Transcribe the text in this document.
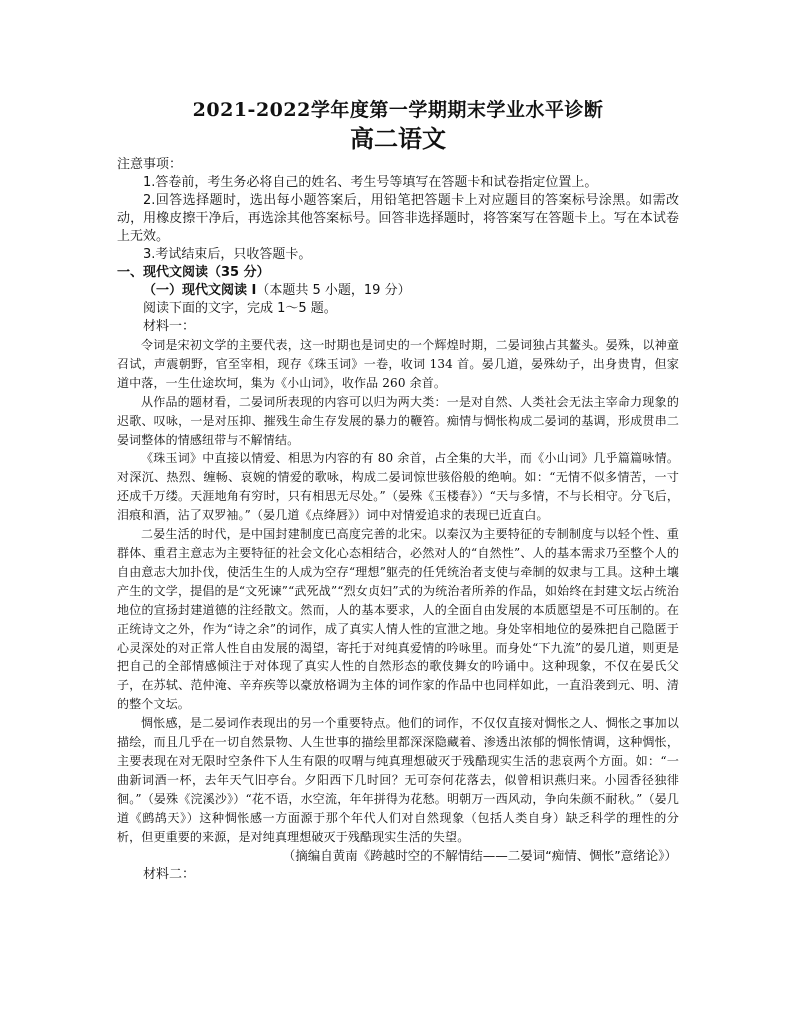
2021-2022学年度第一学期期末学业水平诊断
高二语文

注意事项：

1.答卷前，考生务必将自己的姓名、考生号等填写在答题卡和试卷指定位置上。

2.回答选择题时，选出每小题答案后，用铅笔把答题卡上对应题目的答案标号涂黑。如需改动，用橡皮擦干净后，再选涂其他答案标号。回答非选择题时，将答案写在答题卡上。写在本试卷上无效。

3.考试结束后，只收答题卡。

一、现代文阅读（35 分）

（一）现代文阅读 I（本题共 5 小题，19 分）

阅读下面的文字，完成 1～5 题。

材料一：

令词是宋初文学的主要代表，这一时期也是词史的一个辉煌时期，二晏词独占其鳌头。晏殊，以神童召试，声震朝野，官至宰相，现存《珠玉词》一卷，收词 134 首。晏几道，晏殊幼子，出身贵胄，但家道中落，一生仕途坎坷，集为《小山词》，收作品 260 余首。

从作品的题材看，二晏词所表现的内容可以归为两大类：一是对自然、人类社会无法主宰命力现象的迟歌、叹咏，一是对压抑、摧残生命生存发展的暴力的鞭笞。痴情与惆怅构成二晏词的基调，形成贯串二晏词整体的情感纽带与不解情结。

《珠玉词》中直接以情爱、相思为内容的有 80 余首，占全集的大半，而《小山词》几乎篇篇咏情。对深沉、热烈、缠畅、哀婉的情爱的歌咏，构成二晏词惊世骇俗般的绝响。如：“无情不似多情苦，一寸还成千万缕。天涯地角有穷时，只有相思无尽处。”（晏殊《玉楼春》）“天与多情，不与长相守。分飞后，泪痕和酒，沾了双罗袖。”（晏几道《点绛唇》）词中对情爱追求的表现已近直白。

二晏生活的时代，是中国封建制度已高度完善的北宋。以秦汉为主要特征的专制制度与以轻个性、重群体、重君主意志为主要特征的社会文化心态相结合，必然对人的“自然性”、人的基本需求乃至整个人的自由意志大加扑伐，使活生生的人成为空存“理想”躯壳的任凭统治者支使与牵制的奴隶与工具。这种土壤产生的文学，提倡的是“文死谏”“武死战”“烈女贞妇”式的为统治者所养的作品，如始终在封建文坛占统治地位的宣扬封建道德的注经散文。然而，人的基本要求，人的全面自由发展的本质愿望是不可压制的。在正统诗文之外，作为“诗之余”的词作，成了真实人情人性的宣泄之地。身处宰相地位的晏殊把自己隐匿于心灵深处的对正常人性自由发展的渴望，寄托于对纯真爱情的吟咏里。而身处“下九流”的晏几道，则更是把自己的全部情感倾注于对体现了真实人性的自然形态的歌伎舞女的吟诵中。这种现象，不仅在晏氏父子，在苏轼、范仲淹、辛弃疾等以豪放格调为主体的词作家的作品中也同样如此，一直沿袭到元、明、清的整个文坛。

惆怅感，是二晏词作表现出的另一个重要特点。他们的词作，不仅仅直接对惆怅之人、惆怅之事加以描绘，而且几乎在一切自然景物、人生世事的描绘里都深深隐藏着、渗透出浓郁的惆怅情调，这种惆怅，主要表现在对无限时空条件下人生有限的叹喟与纯真理想破灭于残酷现实生活的悲哀两个方面。如：“一曲新词酒一杯，去年天气旧亭台。夕阳西下几时回？无可奈何花落去，似曾相识燕归来。小园香径独徘徊。”（晏殊《浣溪沙》）“花不语，水空流，年年拼得为花愁。明朝万一西风动，争向朱颜不耐秋。”（晏几道《鹧鸪天》）这种惆怅感一方面源于那个年代人们对自然现象（包括人类自身）缺乏科学的理性的分析，但更重要的来源，是对纯真理想破灭于残酷现实生活的失望。

（摘编自黄南《跨越时空的不解情结——二晏词“痴情、惆怅”意绪论》）

材料二：
